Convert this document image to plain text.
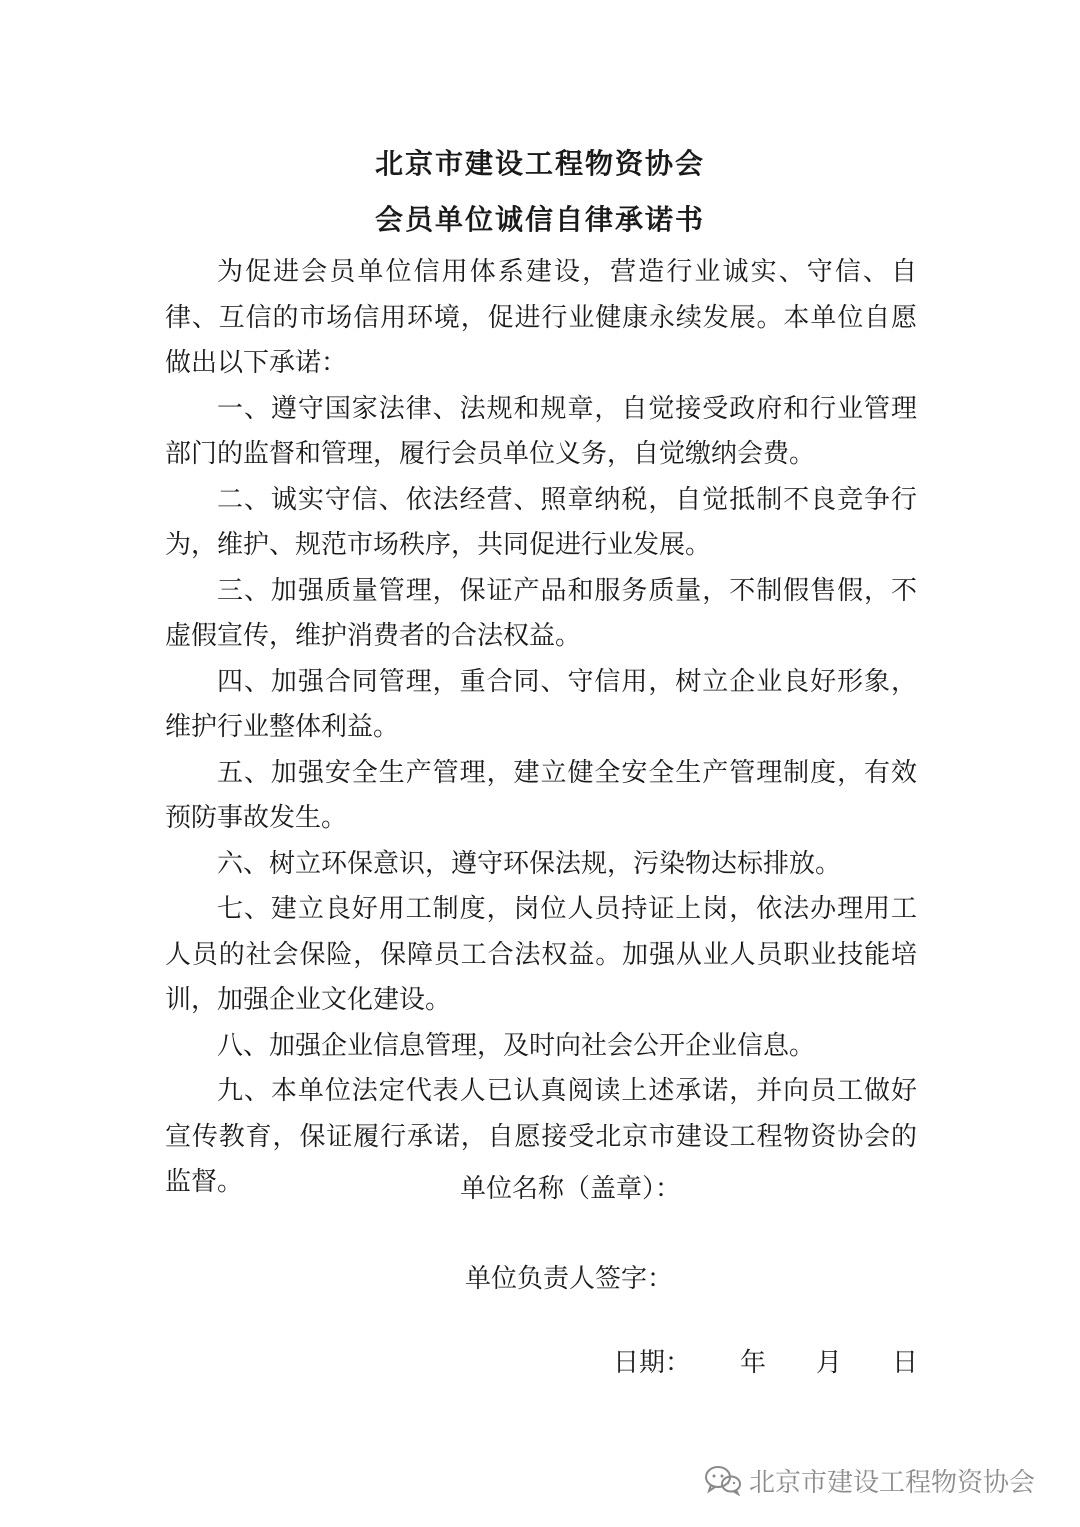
北京市建设工程物资协会
会员单位诚信自律承诺书

为促进会员单位信用体系建设，营造行业诚实、守信、自律、互信的市场信用环境，促进行业健康永续发展。本单位自愿做出以下承诺：

一、遵守国家法律、法规和规章，自觉接受政府和行业管理部门的监督和管理，履行会员单位义务，自觉缴纳会费。

二、诚实守信、依法经营、照章纳税，自觉抵制不良竞争行为，维护、规范市场秩序，共同促进行业发展。

三、加强质量管理，保证产品和服务质量，不制假售假，不虚假宣传，维护消费者的合法权益。

四、加强合同管理，重合同、守信用，树立企业良好形象，维护行业整体利益。

五、加强安全生产管理，建立健全安全生产管理制度，有效预防事故发生。

六、树立环保意识，遵守环保法规，污染物达标排放。

七、建立良好用工制度，岗位人员持证上岗，依法办理用工人员的社会保险，保障员工合法权益。加强从业人员职业技能培训，加强企业文化建设。

八、加强企业信息管理，及时向社会公开企业信息。

九、本单位法定代表人已认真阅读上述承诺，并向员工做好宣传教育，保证履行承诺，自愿接受北京市建设工程物资协会的监督。	单位名称（盖章）：
单位负责人签字：
日期： 年 月 日
北京市建设工程物资协会
